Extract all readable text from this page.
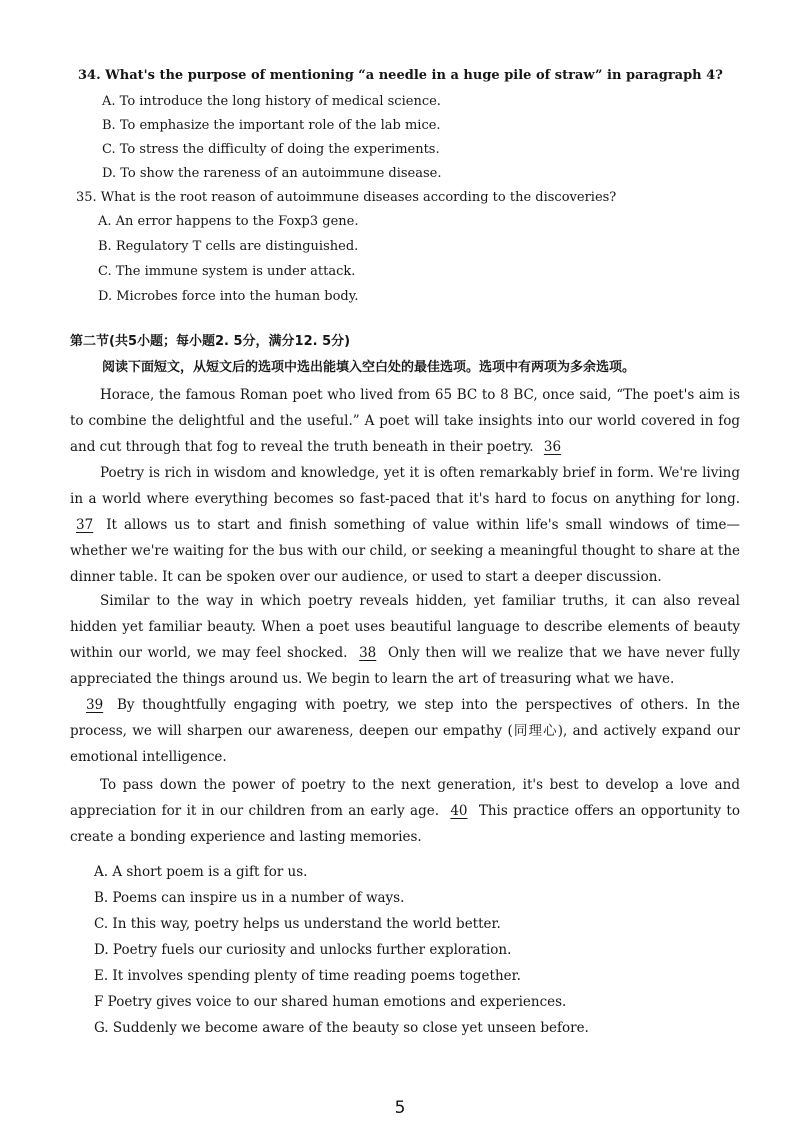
34. What's the purpose of mentioning “a needle in a huge pile of straw” in paragraph 4?
A. To introduce the long history of medical science.
B. To emphasize the important role of the lab mice.
C. To stress the difficulty of doing the experiments.
D. To show the rareness of an autoimmune disease.
35. What is the root reason of autoimmune diseases according to the discoveries?
A. An error happens to the Foxp3 gene.
B. Regulatory T cells are distinguished.
C. The immune system is under attack.
D. Microbes force into the human body.
第二节(共5小题；每小题2. 5分，满分12. 5分)
阅读下面短文，从短文后的选项中选出能填入空白处的最佳选项。选项中有两项为多余选项。
Horace, the famous Roman poet who lived from 65 BC to 8 BC, once said, “The poet's aim is to combine the delightful and the useful.” A poet will take insights into our world covered in fog and cut through that fog to reveal the truth beneath in their poetry. 36
Poetry is rich in wisdom and knowledge, yet it is often remarkably brief in form. We're living in a world where everything becomes so fast-paced that it's hard to focus on anything for long. 37 It allows us to start and finish something of value within life's small windows of time—whether we're waiting for the bus with our child, or seeking a meaningful thought to share at the dinner table. It can be spoken over our audience, or used to start a deeper discussion.
Similar to the way in which poetry reveals hidden, yet familiar truths, it can also reveal hidden yet familiar beauty. When a poet uses beautiful language to describe elements of beauty within our world, we may feel shocked. 38 Only then will we realize that we have never fully appreciated the things around us. We begin to learn the art of treasuring what we have.
39 By thoughtfully engaging with poetry, we step into the perspectives of others. In the process, we will sharpen our awareness, deepen our empathy (同理心), and actively expand our emotional intelligence.
To pass down the power of poetry to the next generation, it's best to develop a love and appreciation for it in our children from an early age. 40 This practice offers an opportunity to create a bonding experience and lasting memories.
A. A short poem is a gift for us.
B. Poems can inspire us in a number of ways.
C. In this way, poetry helps us understand the world better.
D. Poetry fuels our curiosity and unlocks further exploration.
E. It involves spending plenty of time reading poems together.
F Poetry gives voice to our shared human emotions and experiences.
G. Suddenly we become aware of the beauty so close yet unseen before.
5
